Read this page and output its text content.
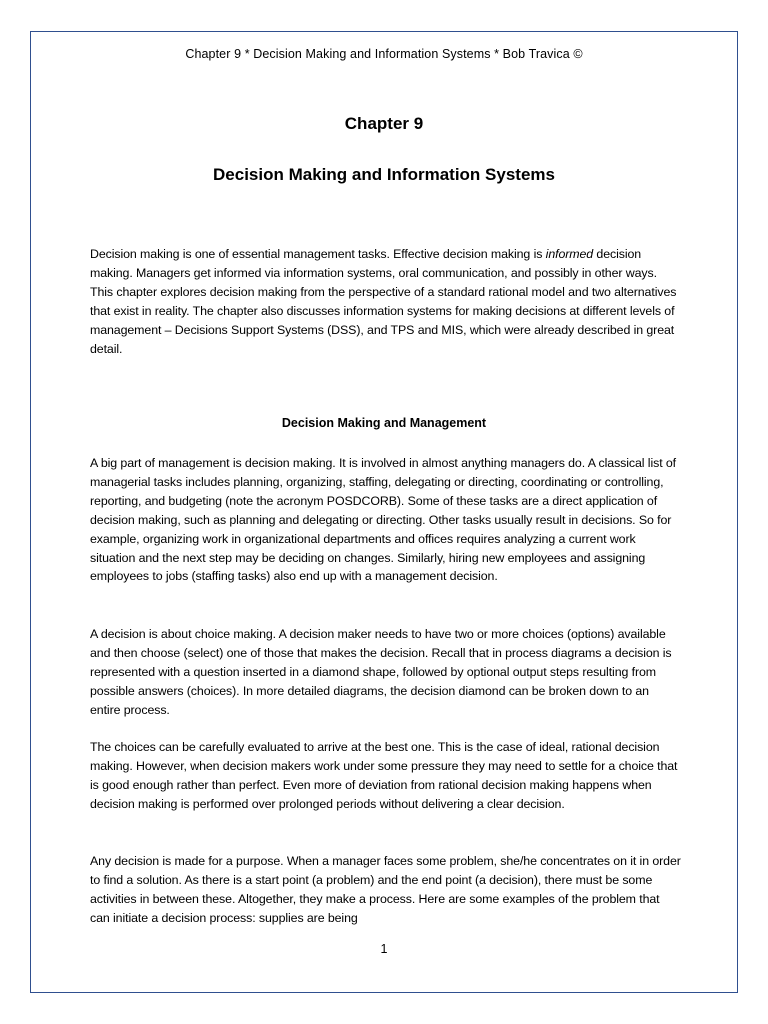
Chapter 9 * Decision Making and Information Systems * Bob Travica ©
Chapter 9
Decision Making and Information Systems

Decision making is one of essential management tasks. Effective decision making is informed decision making. Managers get informed via information systems, oral communication, and possibly in other ways. This chapter explores decision making from the perspective of a standard rational model and two alternatives that exist in reality. The chapter also discusses information systems for making decisions at different levels of management – Decisions Support Systems (DSS), and TPS and MIS, which were already described in great detail.

Decision Making and Management

A big part of management is decision making. It is involved in almost anything managers do. A classical list of managerial tasks includes planning, organizing, staffing, delegating or directing, coordinating or controlling, reporting, and budgeting (note the acronym POSDCORB). Some of these tasks are a direct application of decision making, such as planning and delegating or directing. Other tasks usually result in decisions. So for example, organizing work in organizational departments and offices requires analyzing a current work situation and the next step may be deciding on changes. Similarly, hiring new employees and assigning employees to jobs (staffing tasks) also end up with a management decision.

A decision is about choice making. A decision maker needs to have two or more choices (options) available and then choose (select) one of those that makes the decision. Recall that in process diagrams a decision is represented with a question inserted in a diamond shape, followed by optional output steps resulting from possible answers (choices). In more detailed diagrams, the decision diamond can be broken down to an entire process.

The choices can be carefully evaluated to arrive at the best one. This is the case of ideal, rational decision making. However, when decision makers work under some pressure they may need to settle for a choice that is good enough rather than perfect. Even more of deviation from rational decision making happens when decision making is performed over prolonged periods without delivering a clear decision.

Any decision is made for a purpose. When a manager faces some problem, she/he concentrates on it in order to find a solution. As there is a start point (a problem) and the end point (a decision), there must be some activities in between these. Altogether, they make a process. Here are some examples of the problem that can initiate a decision process: supplies are being

1
